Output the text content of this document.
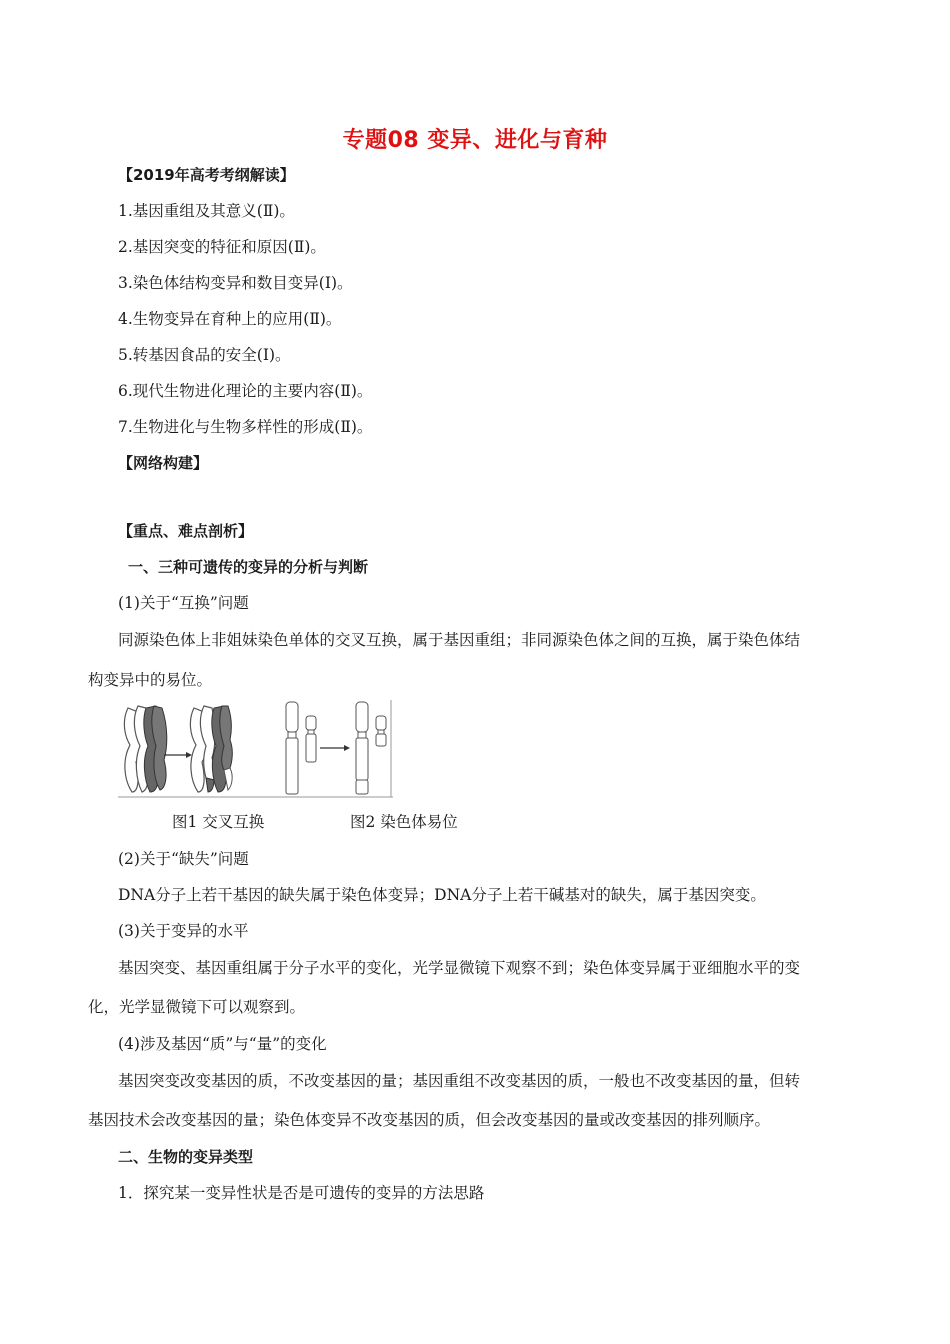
专题08 变异、进化与育种
【2019年高考考纲解读】
1.基因重组及其意义(Ⅱ)。
2.基因突变的特征和原因(Ⅱ)。
3.染色体结构变异和数目变异(Ⅰ)。
4.生物变异在育种上的应用(Ⅱ)。
5.转基因食品的安全(Ⅰ)。
6.现代生物进化理论的主要内容(Ⅱ)。
7.生物进化与生物多样性的形成(Ⅱ)。
【网络构建】
【重点、难点剖析】
一、三种可遗传的变异的分析与判断
(1)关于“互换”问题
同源染色体上非姐妹染色单体的交叉互换，属于基因重组；非同源染色体之间的互换，属于染色体结
构变异中的易位。
图1 交叉互换	图2 染色体易位
(2)关于“缺失”问题
DNA分子上若干基因的缺失属于染色体变异；DNA分子上若干碱基对的缺失，属于基因突变。
(3)关于变异的水平
基因突变、基因重组属于分子水平的变化，光学显微镜下观察不到；染色体变异属于亚细胞水平的变
化，光学显微镜下可以观察到。
(4)涉及基因“质”与“量”的变化
基因突变改变基因的质，不改变基因的量；基因重组不改变基因的质，一般也不改变基因的量，但转
基因技术会改变基因的量；染色体变异不改变基因的质，但会改变基因的量或改变基因的排列顺序。
二、生物的变异类型
1．探究某一变异性状是否是可遗传的变异的方法思路
